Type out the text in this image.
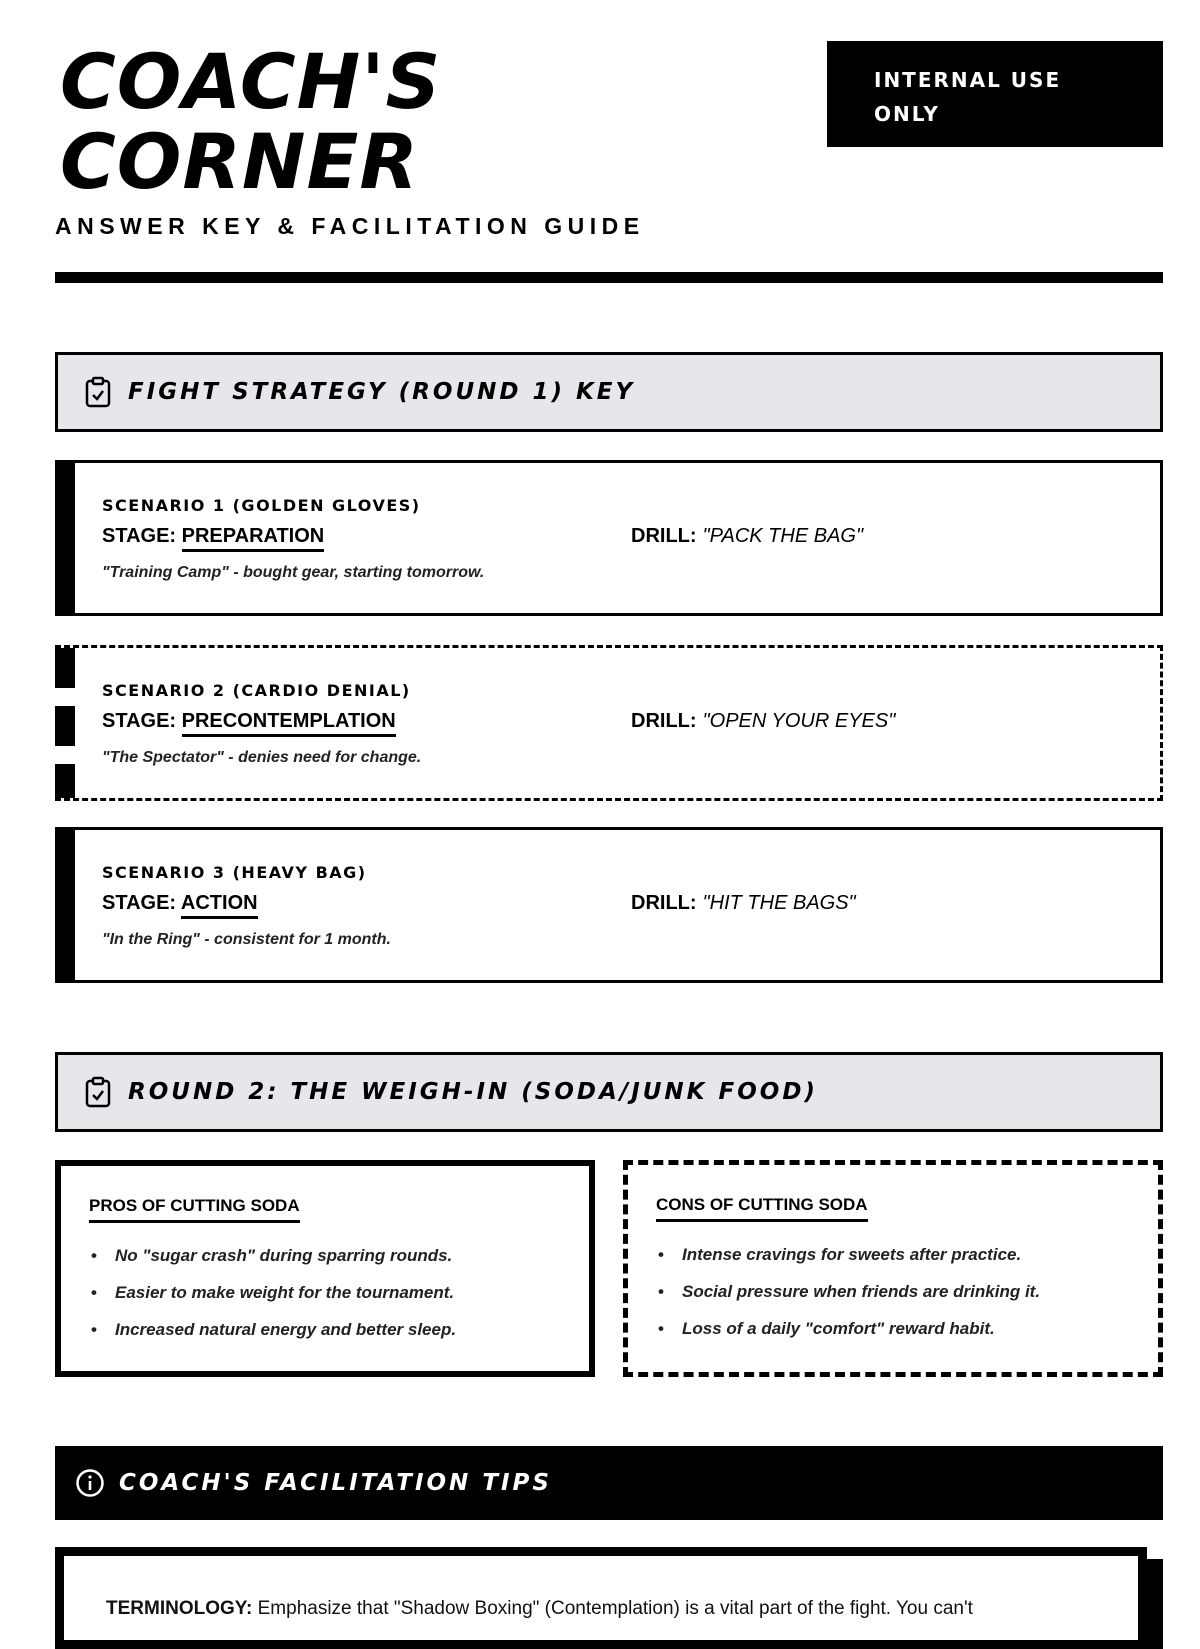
COACH'S
CORNER
ANSWER KEY & FACILITATION GUIDE
INTERNAL USE ONLY
FIGHT STRATEGY (ROUND 1) KEY
SCENARIO 1 (GOLDEN GLOVES)
STAGE: PREPARATION	DRILL: "PACK THE BAG"
"Training Camp" - bought gear, starting tomorrow.
SCENARIO 2 (CARDIO DENIAL)
STAGE: PRECONTEMPLATION	DRILL: "OPEN YOUR EYES"
"The Spectator" - denies need for change.
SCENARIO 3 (HEAVY BAG)
STAGE: ACTION	DRILL: "HIT THE BAGS"
"In the Ring" - consistent for 1 month.
ROUND 2: THE WEIGH-IN (SODA/JUNK FOOD)
PROS OF CUTTING SODA
• No "sugar crash" during sparring rounds.
• Easier to make weight for the tournament.
• Increased natural energy and better sleep.
CONS OF CUTTING SODA
• Intense cravings for sweets after practice.
• Social pressure when friends are drinking it.
• Loss of a daily "comfort" reward habit.
COACH'S FACILITATION TIPS

TERMINOLOGY: Emphasize that "Shadow Boxing" (Contemplation) is a vital part of the fight. You can't
